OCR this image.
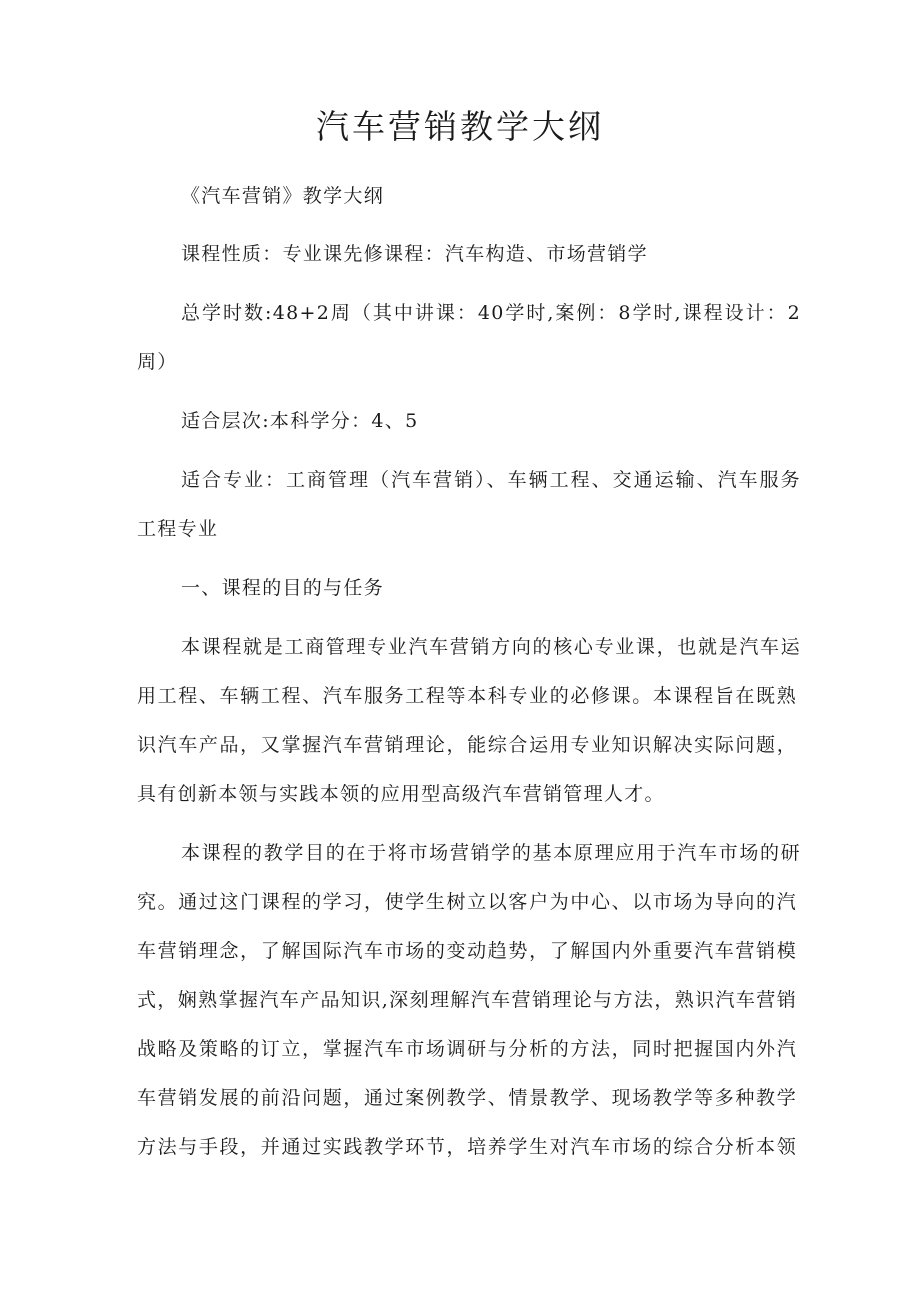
汽车营销教学大纲
《汽车营销》教学大纲
课程性质：专业课先修课程：汽车构造、市场营销学
总学时数:48+2周（其中讲课：40学时,案例：8学时,课程设计：2
周）
适合层次:本科学分：4、5
适合专业：工商管理（汽车营销）、车辆工程、交通运输、汽车服务
工程专业
一、课程的目的与任务
本课程就是工商管理专业汽车营销方向的核心专业课，也就是汽车运
用工程、车辆工程、汽车服务工程等本科专业的必修课。本课程旨在既熟
识汽车产品，又掌握汽车营销理论，能综合运用专业知识解决实际问题，
具有创新本领与实践本领的应用型高级汽车营销管理人才。
本课程的教学目的在于将市场营销学的基本原理应用于汽车市场的研
究。通过这门课程的学习，使学生树立以客户为中心、以市场为导向的汽
车营销理念，了解国际汽车市场的变动趋势，了解国内外重要汽车营销模
式，娴熟掌握汽车产品知识,深刻理解汽车营销理论与方法，熟识汽车营销
战略及策略的订立，掌握汽车市场调研与分析的方法，同时把握国内外汽
车营销发展的前沿问题，通过案例教学、情景教学、现场教学等多种教学
方法与手段，并通过实践教学环节，培养学生对汽车市场的综合分析本领
